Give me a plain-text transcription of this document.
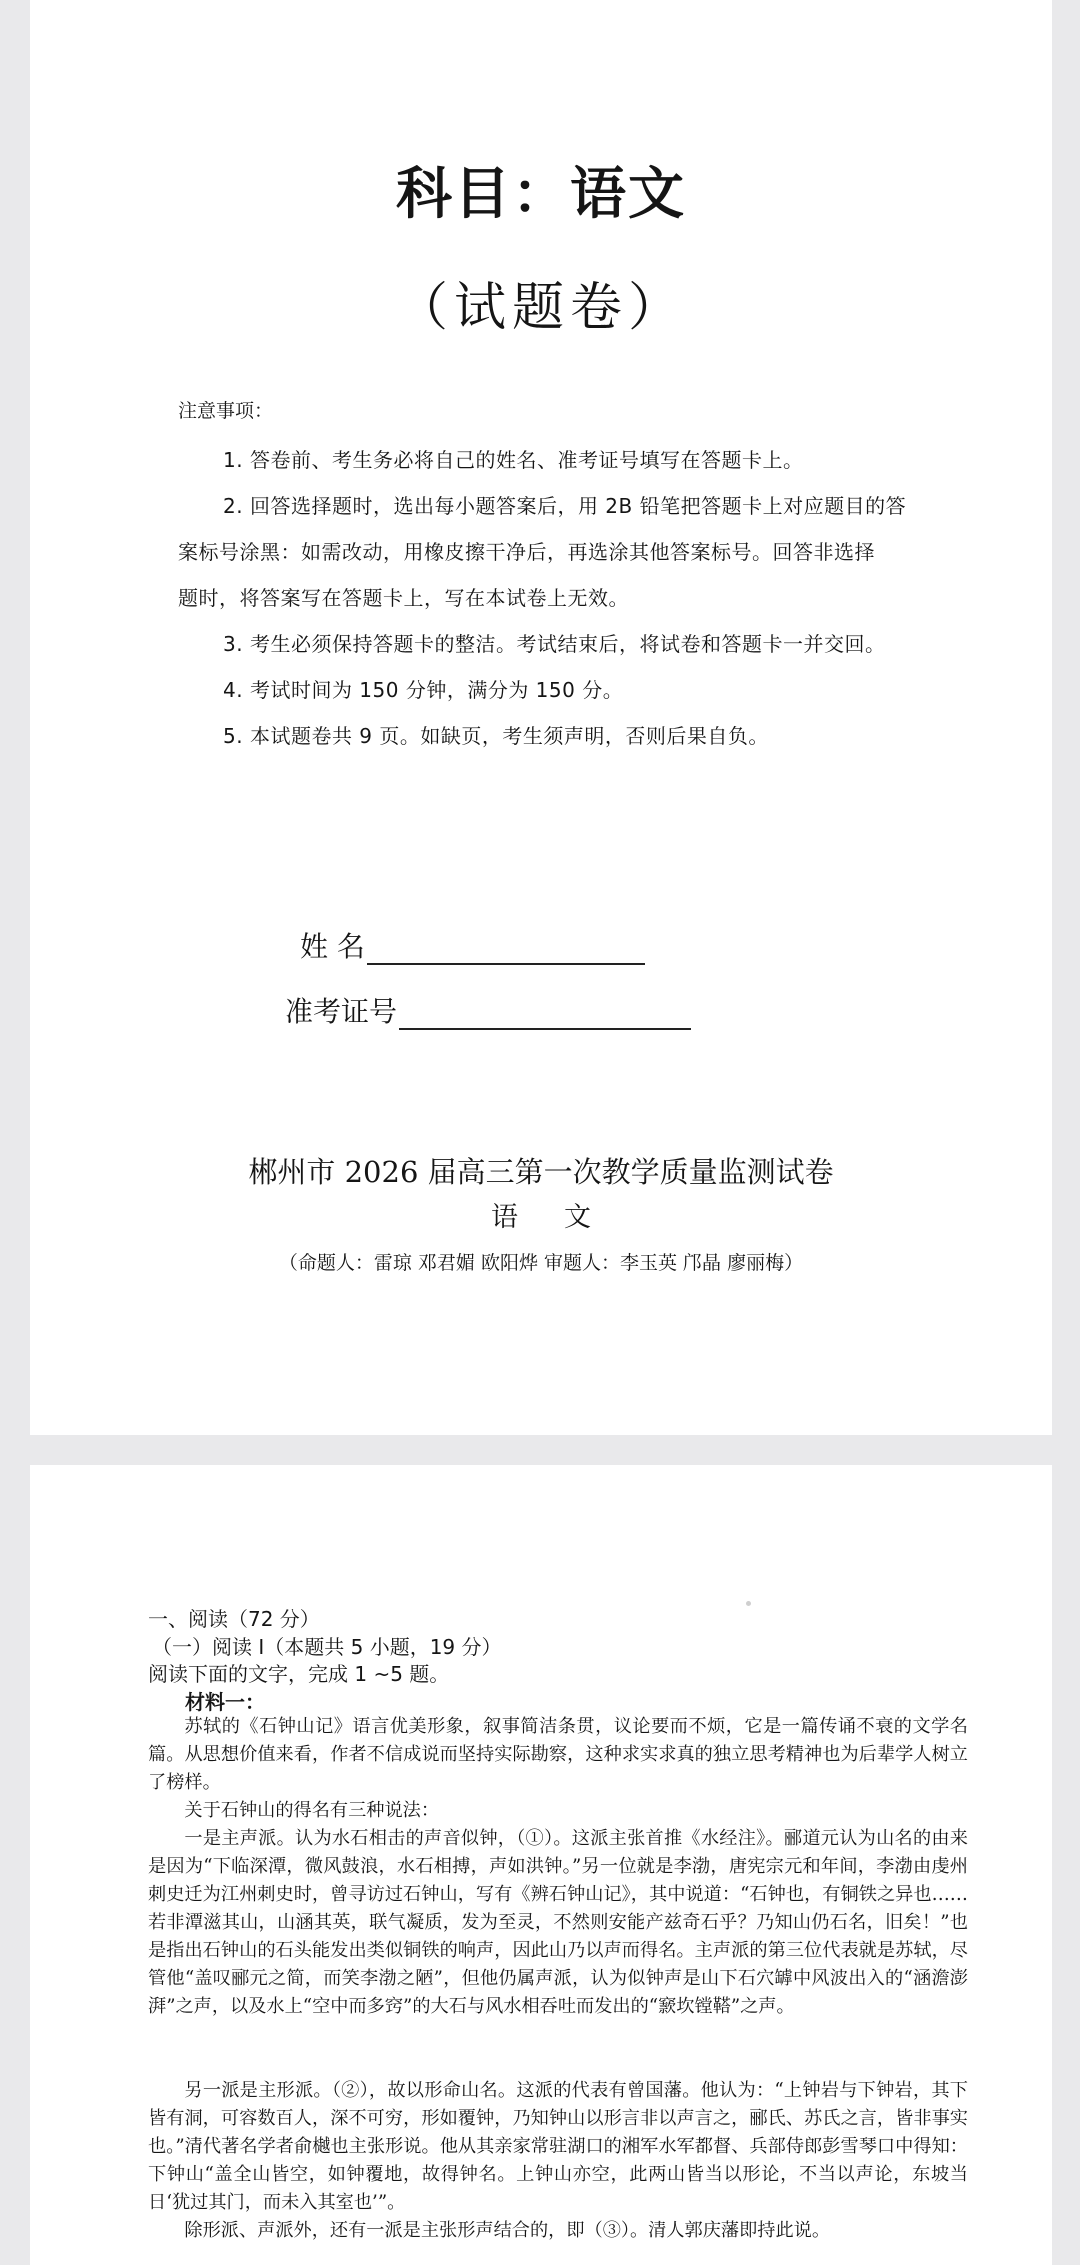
科目：语文
（试题卷）
注意事项：
1. 答卷前、考生务必将自己的姓名、准考证号填写在答题卡上。
2. 回答选择题时，选出每小题答案后，用 2B 铅笔把答题卡上对应题目的答
案标号涂黑：如需改动，用橡皮擦干净后，再选涂其他答案标号。回答非选择
题时，将答案写在答题卡上，写在本试卷上无效。
3. 考生必须保持答题卡的整洁。考试结束后，将试卷和答题卡一并交回。
4. 考试时间为 150 分钟，满分为 150 分。
5. 本试题卷共 9 页。如缺页，考生须声明，否则后果自负。
姓 名
准考证号
郴州市 2026 届高三第一次教学质量监测试卷
语文
（命题人：雷琼 邓君媚 欧阳烨 审题人：李玉英 邝晶 廖丽梅）
一、阅读（72 分）
（一）阅读 I（本题共 5 小题，19 分）
阅读下面的文字，完成 1 ~5 题。
材料一：
苏轼的《石钟山记》语言优美形象，叙事简洁条贯，议论要而不烦，它是一篇传诵不衰的文学名篇。从思想价值来看，作者不信成说而坚持实际勘察，这种求实求真的独立思考精神也为后辈学人树立了榜样。
关于石钟山的得名有三种说法：
一是主声派。认为水石相击的声音似钟，（①）。这派主张首推《水经注》。郦道元认为山名的由来是因为“下临深潭，微风鼓浪，水石相搏，声如洪钟。”另一位就是李渤，唐宪宗元和年间，李渤由虔州刺史迁为江州刺史时，曾寻访过石钟山，写有《辨石钟山记》，其中说道：“石钟也，有铜铁之异也……若非潭滋其山，山涵其英，联气凝质，发为至灵，不然则安能产兹奇石乎？乃知山仍石名，旧矣！”也是指出石钟山的石头能发出类似铜铁的响声，因此山乃以声而得名。主声派的第三位代表就是苏轼，尽管他“盖叹郦元之简，而笑李渤之陋”，但他仍属声派，认为似钟声是山下石穴罅中风波出入的“涵澹澎湃”之声，以及水上“空中而多窍”的大石与风水相吞吐而发出的“窾坎镗鞳”之声。
另一派是主形派。（②），故以形命山名。这派的代表有曾国藩。他认为：“上钟岩与下钟岩，其下皆有洞，可容数百人，深不可穷，形如覆钟，乃知钟山以形言非以声言之，郦氏、苏氏之言，皆非事实也。”清代著名学者俞樾也主张形说。他从其亲家常驻湖口的湘军水军都督、兵部侍郎彭雪琴口中得知：下钟山“盖全山皆空，如钟覆地，故得钟名。上钟山亦空，此两山皆当以形论，不当以声论，东坡当日‘犹过其门，而未入其室也’”。
除形派、声派外，还有一派是主张形声结合的，即（③）。清人郭庆藩即持此说。
